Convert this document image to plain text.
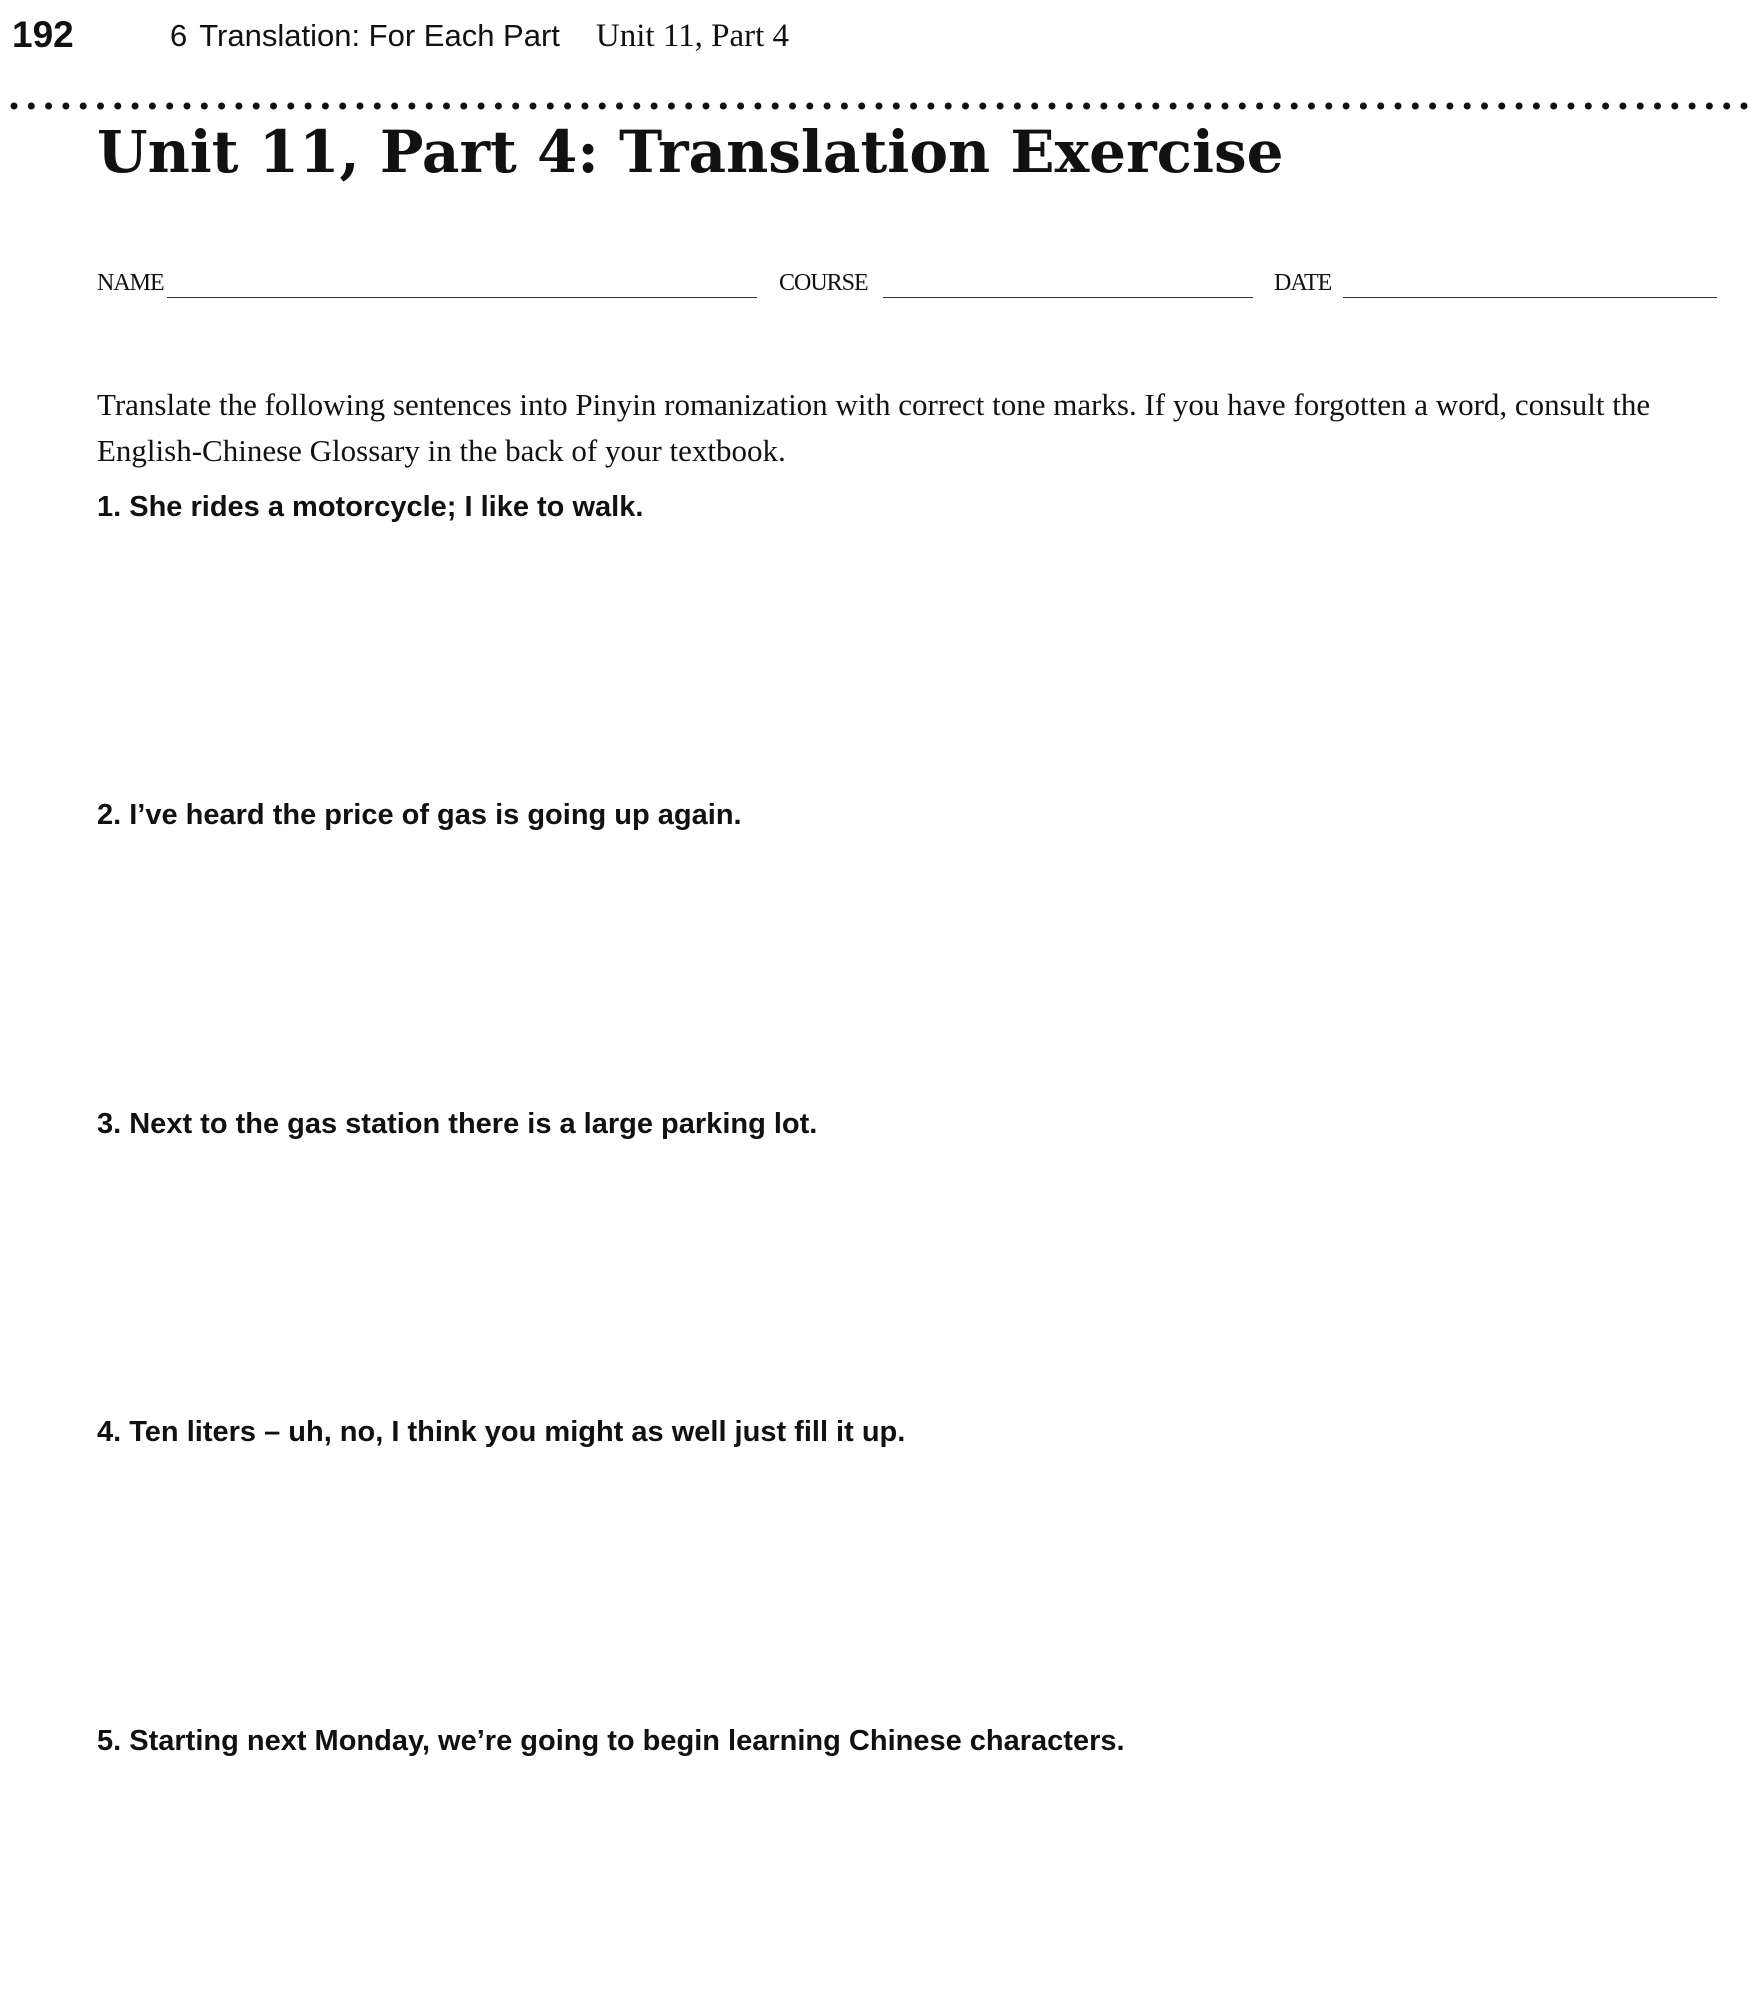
192	6 Translation: For Each Part Unit 11, Part 4
Unit 11, Part 4: Translation Exercise
NAME	COURSE	DATE

Translate the following sentences into Pinyin romanization with correct tone marks. If you have forgotten a word, consult the English-Chinese Glossary in the back of your textbook.

1. She rides a motorcycle; I like to walk.

2. I’ve heard the price of gas is going up again.

3. Next to the gas station there is a large parking lot.

4. Ten liters – uh, no, I think you might as well just fill it up.

5. Starting next Monday, we’re going to begin learning Chinese characters.
